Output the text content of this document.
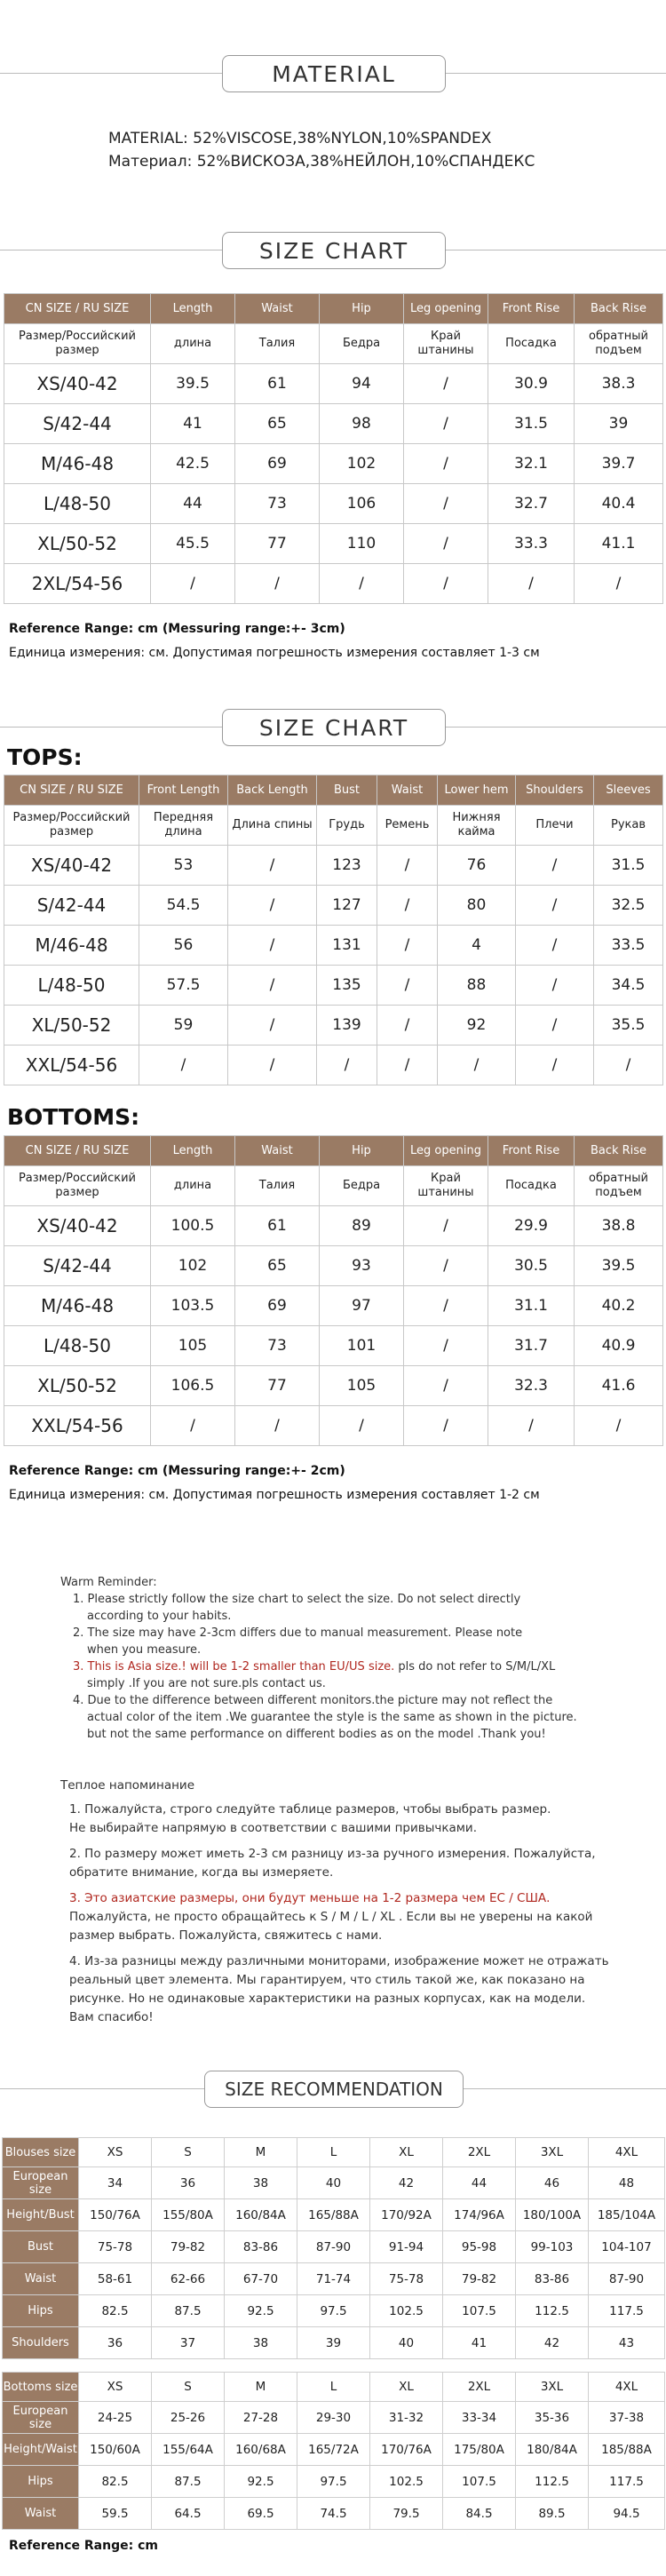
MATERIAL
MATERIAL: 52%VISCOSE,38%NYLON,10%SPANDEX
Материал: 52%ВИСКОЗА,38%НЕЙЛОН,10%СПАНДЕКС
SIZE CHART
CN SIZE / RU SIZE	Length	Waist	Hip	Leg opening	Front Rise	Back Rise
Размер/Российский размер	длина	Талия	Бедра	Край штанины	Посадка	обратный подъем
XS/40-42	39.5	61	94	/	30.9	38.3
S/42-44	41	65	98	/	31.5	39
M/46-48	42.5	69	102	/	32.1	39.7
L/48-50	44	73	106	/	32.7	40.4
XL/50-52	45.5	77	110	/	33.3	41.1
2XL/54-56	/	/	/	/	/	/
Reference Range: cm (Messuring range:+- 3cm)
Единица измерения: см. Допустимая погрешность измерения составляет 1-3 см
SIZE CHART
TOPS:
CN SIZE / RU SIZE	Front Length	Back Length	Bust	Waist	Lower hem	Shoulders	Sleeves
Размер/Российский размер	Передняя длина	Длина спины	Грудь	Ремень	Нижняя кайма	Плечи	Рукав
XS/40-42	53	/	123	/	76	/	31.5
S/42-44	54.5	/	127	/	80	/	32.5
M/46-48	56	/	131	/	4	/	33.5
L/48-50	57.5	/	135	/	88	/	34.5
XL/50-52	59	/	139	/	92	/	35.5
XXL/54-56	/	/	/	/	/	/	/
BOTTOMS:
CN SIZE / RU SIZE	Length	Waist	Hip	Leg opening	Front Rise	Back Rise
Размер/Российский размер	длина	Талия	Бедра	Край штанины	Посадка	обратный подъем
XS/40-42	100.5	61	89	/	29.9	38.8
S/42-44	102	65	93	/	30.5	39.5
M/46-48	103.5	69	97	/	31.1	40.2
L/48-50	105	73	101	/	31.7	40.9
XL/50-52	106.5	77	105	/	32.3	41.6
XXL/54-56	/	/	/	/	/	/
Reference Range: cm (Messuring range:+- 2cm)
Единица измерения: см. Допустимая погрешность измерения составляет 1-2 см

Warm Reminder:

1. Please strictly follow the size chart to select the size. Do not select directly

according to your habits.

2. The size may have 2-3cm differs due to manual measurement. Please note

when you measure.

3. This is Asia size.! will be 1-2 smaller than EU/US size. pls do not refer to S/M/L/XL

simply .If you are not sure.pls contact us.

4. Due to the difference between different monitors.the picture may not reflect the

actual color of the item .We guarantee the style is the same as shown in the picture.

but not the same performance on different bodies as on the model .Thank you!

Теплое напоминание

1. Пожалуйста, строго следуйте таблице размеров, чтобы выбрать размер.

Не выбирайте напрямую в соответствии с вашими привычками.

2. По размеру может иметь 2-3 см разницу из-за ручного измерения. Пожалуйста,

обратите внимание, когда вы измеряете.

3. Это азиатские размеры, они будут меньше на 1-2 размера чем ЕС / США.

Пожалуйста, не просто обращайтесь к S / M / L / XL . Если вы не уверены на какой

размер выбрать. Пожалуйста, свяжитесь с нами.

4. Из-за разницы между различными мониторами, изображение может не отражать

реальный цвет элемента. Мы гарантируем, что стиль такой же, как показано на

рисунке. Но не одинаковые характеристики на разных корпусах, как на модели.

Вам спасибо!

SIZE RECOMMENDATION
Blouses size	XS	S	M	L	XL	2XL	3XL	4XL
European size	34	36	38	40	42	44	46	48
Height/Bust	150/76A	155/80A	160/84A	165/88A	170/92A	174/96A	180/100A	185/104A
Bust	75-78	79-82	83-86	87-90	91-94	95-98	99-103	104-107
Waist	58-61	62-66	67-70	71-74	75-78	79-82	83-86	87-90
Hips	82.5	87.5	92.5	97.5	102.5	107.5	112.5	117.5
Shoulders	36	37	38	39	40	41	42	43
Bottoms size	XS	S	M	L	XL	2XL	3XL	4XL
European size	24-25	25-26	27-28	29-30	31-32	33-34	35-36	37-38
Height/Waist	150/60A	155/64A	160/68A	165/72A	170/76A	175/80A	180/84A	185/88A
Hips	82.5	87.5	92.5	97.5	102.5	107.5	112.5	117.5
Waist	59.5	64.5	69.5	74.5	79.5	84.5	89.5	94.5
Reference Range: cm
